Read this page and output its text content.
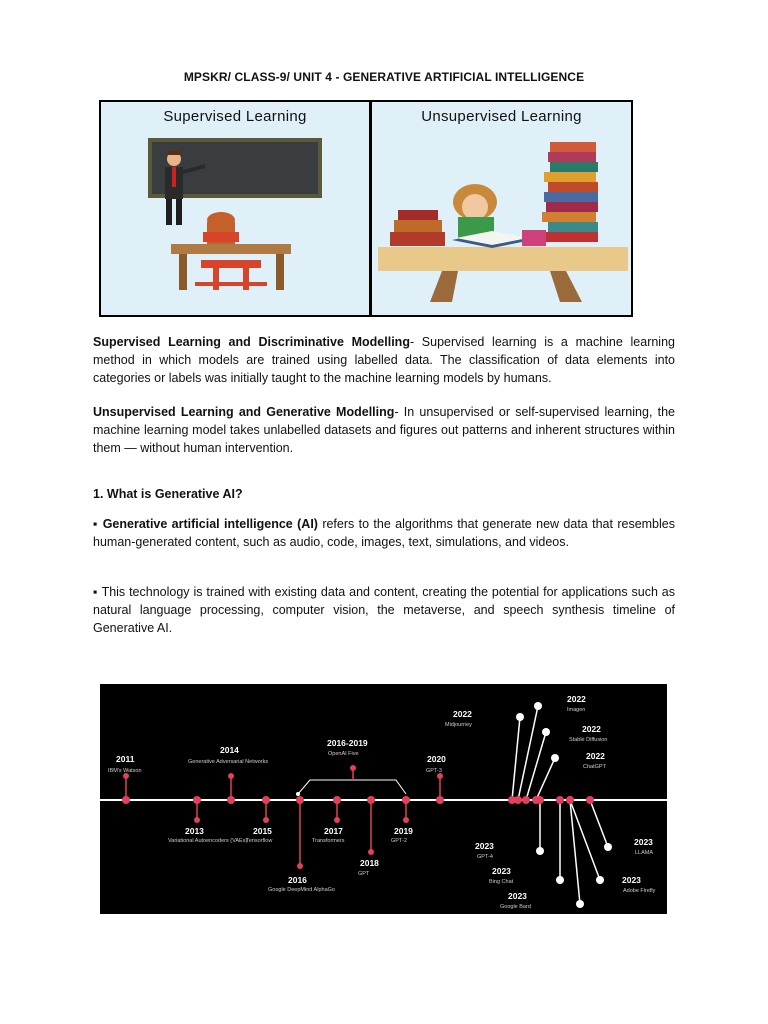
MPSKR/ CLASS-9/ UNIT 4 - GENERATIVE ARTIFICIAL INTELLIGENCE
Supervised Learning	Unsupervised Learning
Supervised Learning and Discriminative Modelling- Supervised learning is a machine learning method in which models are trained using labelled data. The classification of data elements into categories or labels was initially taught to the machine learning models by humans.
Unsupervised Learning and Generative Modelling- In unsupervised or self-supervised learning, the machine learning model takes unlabelled datasets and figures out patterns and inherent structures within them — without human intervention.
1. What is Generative AI?
▪ Generative artificial intelligence (AI) refers to the algorithms that generate new data that resembles human-generated content, such as audio, code, images, text, simulations, and videos.
▪ This technology is trained with existing data and content, creating the potential for applications such as natural language processing, computer vision, the metaverse, and speech synthesis timeline of Generative AI.
2011
IBM's Watson
2013
Variational Autoencoders (VAEs)
2014
Generative Adversarial Networks
2015
Tensorflow
2016
Google DeepMind AlphaGo
2016-2019
OpenAI Five
2017
Transformers
2018
GPT
2019
GPT-2
2020
GPT-3
2022
Midjourney
2022
Imagen
2022
Stable Diffusion
2022
ChatGPT
2023
GPT-4
2023
Bing Chat
2023
Google Bard
2023
LLAMA
2023
Adobe Firefly
